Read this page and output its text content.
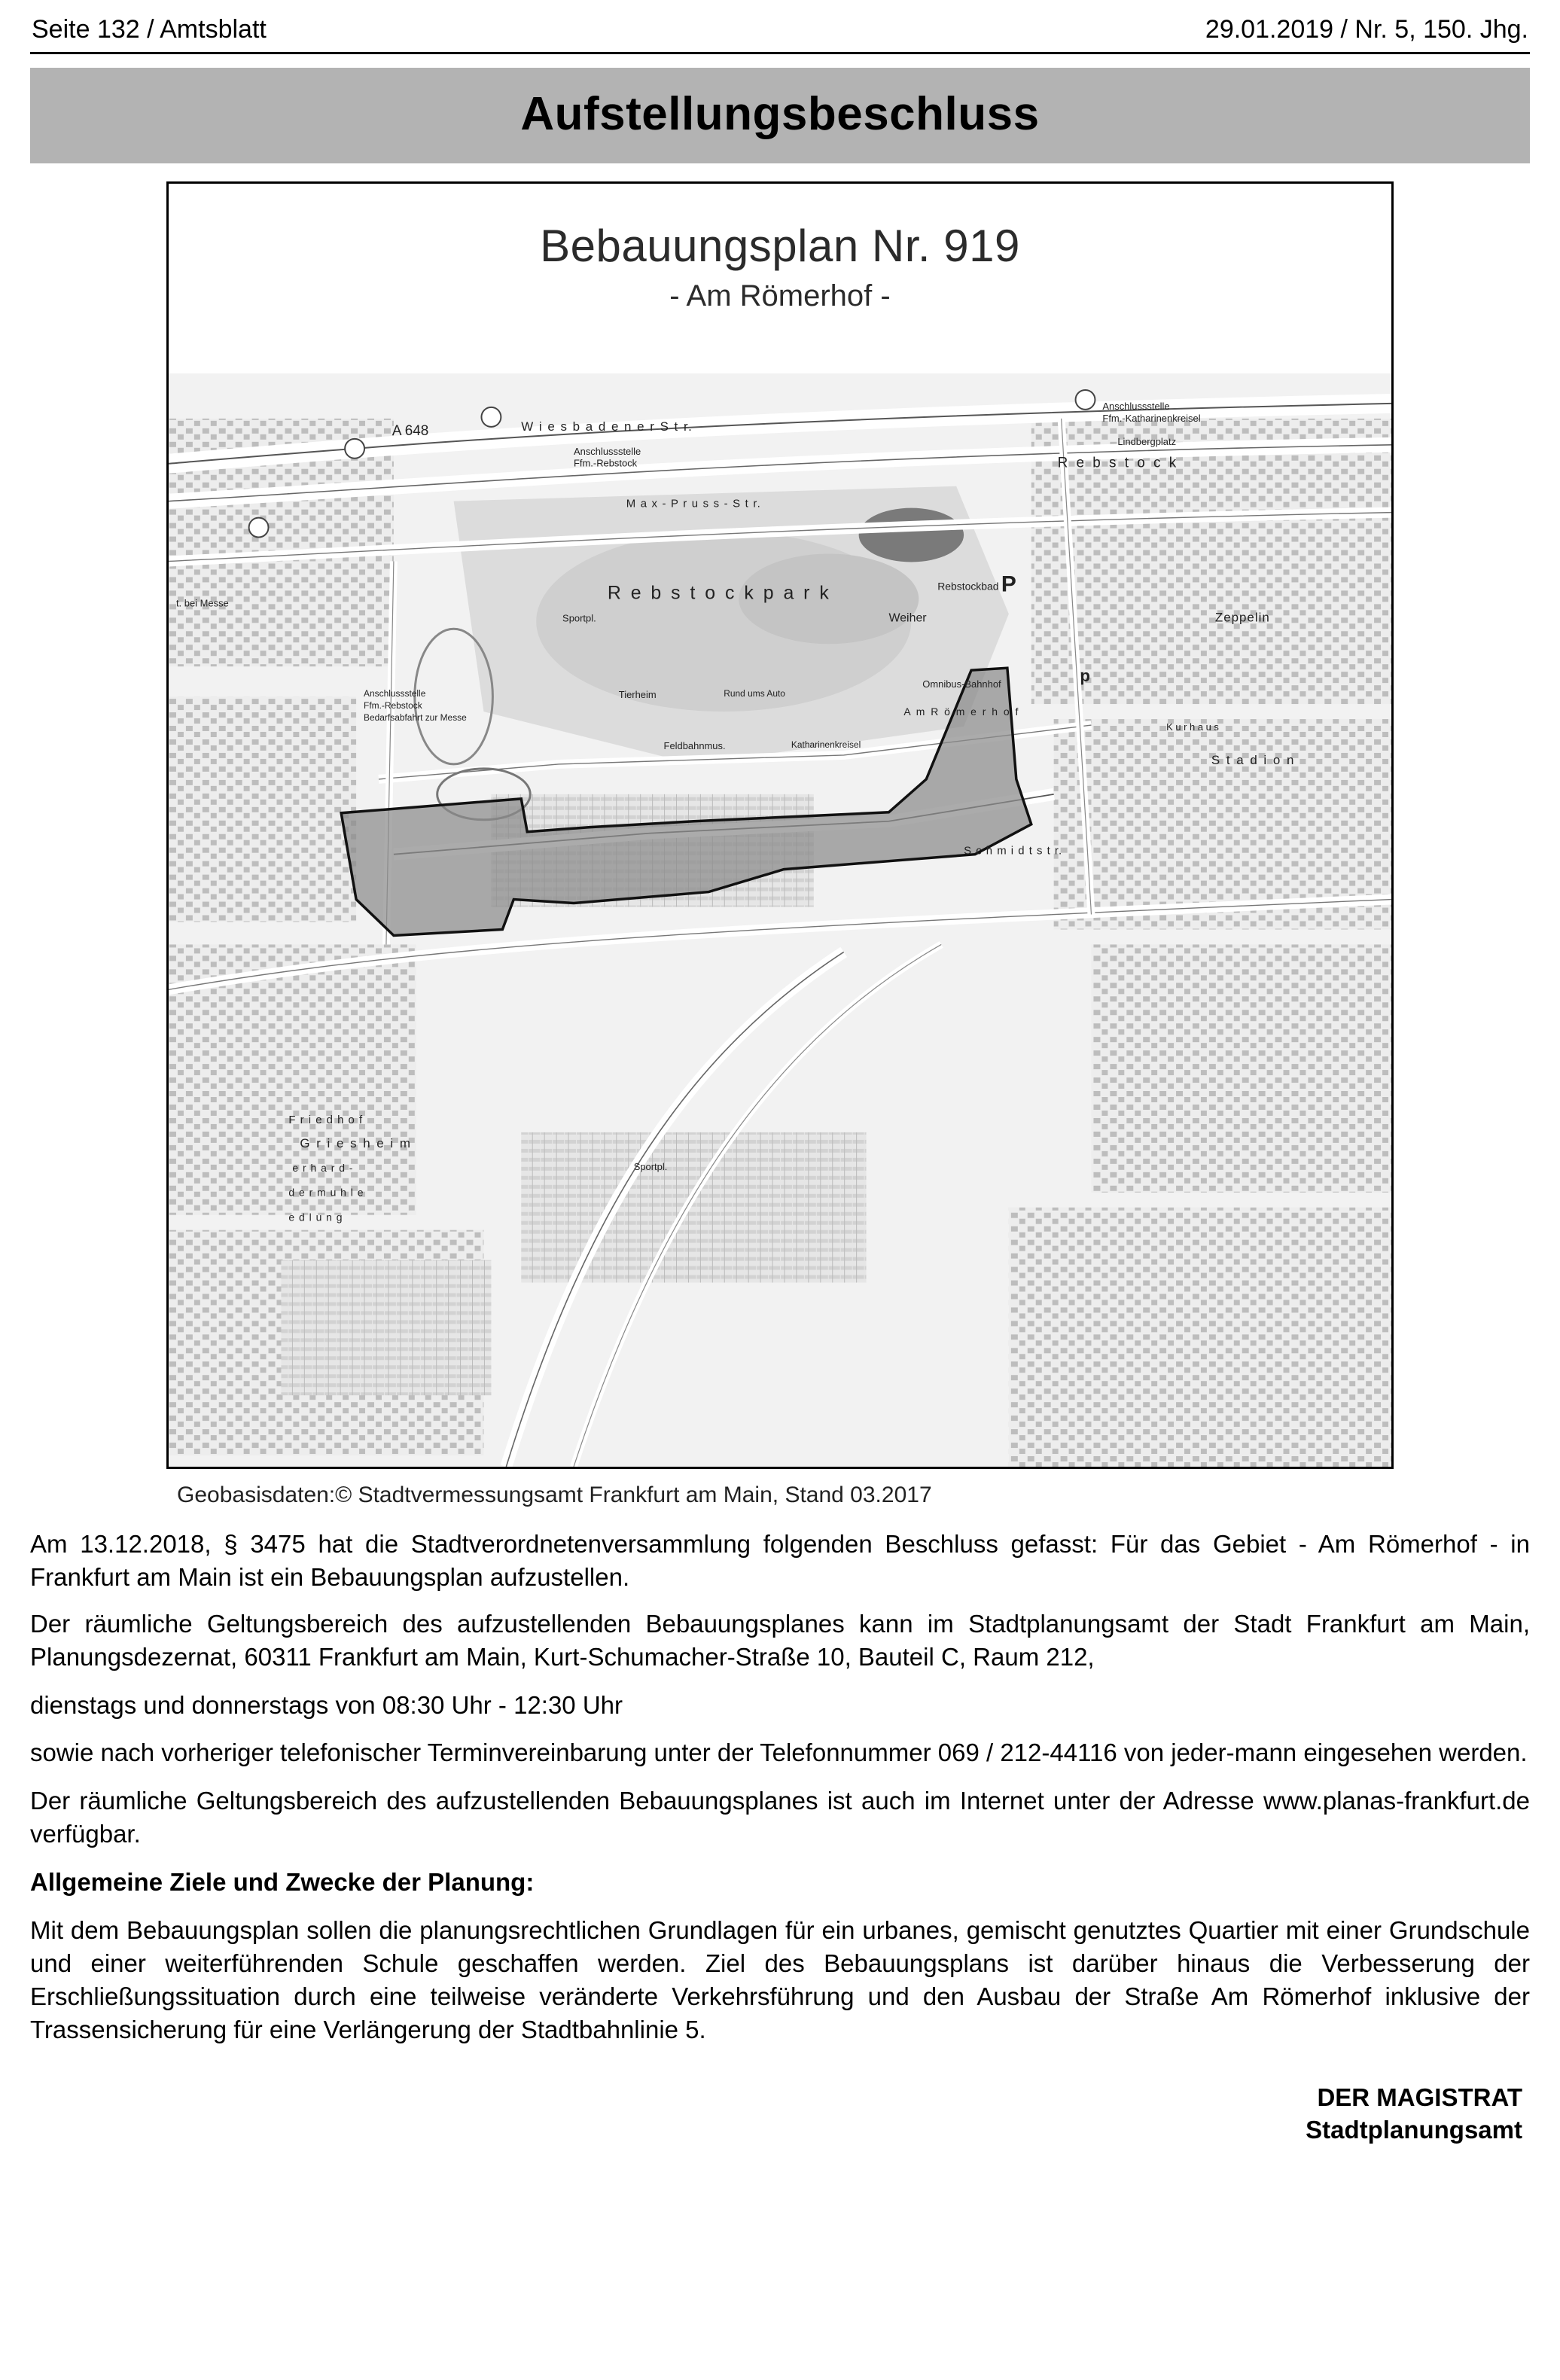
Seite 132 / Amtsblatt	29.01.2019 / Nr. 5, 150. Jhg.
Aufstellungsbeschluss
Bebauungsplan Nr. 919
- Am Römerhof -
A 648	W i e s b a d e n e r S t r.
M a x - P r u s s - S t r.
R e b s t o c k p a r k
Weiher
Rebstockbad
R e b s t o c k
Anschlussstelle
Ffm.-Rebstock
Anschlussstelle
Ffm.-Katharinenkreisel
Anschlussstelle
Ffm.-Rebstock
Bedarfsabfahrt zur Messe	A m R ö m e r h o f
Omnibus-Bahnhof
Feldbahnmus.
Tierheim
Sportpl.
Sportpl.
Rund ums Auto
Katharinenkreisel
P
p
Zeppelin
t. bei Messe
S t a d i o n
K u r h a u s
G r i e s h e i m
F r i e d h o f
e r h a r d -
d e r m u h l e
e d l u n g
Lindbergplatz
S c h m i d t s t r.
Geobasisdaten:© Stadtvermessungsamt Frankfurt am Main, Stand 03.2017

Am 13.12.2018, § 3475 hat die Stadtverordnetenversammlung folgenden Beschluss gefasst: Für das Gebiet - Am Römerhof - in Frankfurt am Main ist ein Bebauungsplan aufzustellen.

Der räumliche Geltungsbereich des aufzustellenden Bebauungsplanes kann im Stadtplanungsamt der Stadt Frankfurt am Main, Planungsdezernat, 60311 Frankfurt am Main, Kurt-Schumacher-Straße 10, Bauteil C, Raum 212,

dienstags und donnerstags von 08:30 Uhr - 12:30 Uhr

sowie nach vorheriger telefonischer Terminvereinbarung unter der Telefonnummer 069 / 212-44116 von jeder-mann eingesehen werden.

Der räumliche Geltungsbereich des aufzustellenden Bebauungsplanes ist auch im Internet unter der Adresse www.planas-frankfurt.de verfügbar.

Allgemeine Ziele und Zwecke der Planung:

Mit dem Bebauungsplan sollen die planungsrechtlichen Grundlagen für ein urbanes, gemischt genutztes Quartier mit einer Grundschule und einer weiterführenden Schule geschaffen werden. Ziel des Bebauungsplans ist darüber hinaus die Verbesserung der Erschließungssituation durch eine teilweise veränderte Verkehrsführung und den Ausbau der Straße Am Römerhof inklusive der Trassensicherung für eine Verlängerung der Stadtbahnlinie 5.

DER MAGISTRAT
Stadtplanungsamt
